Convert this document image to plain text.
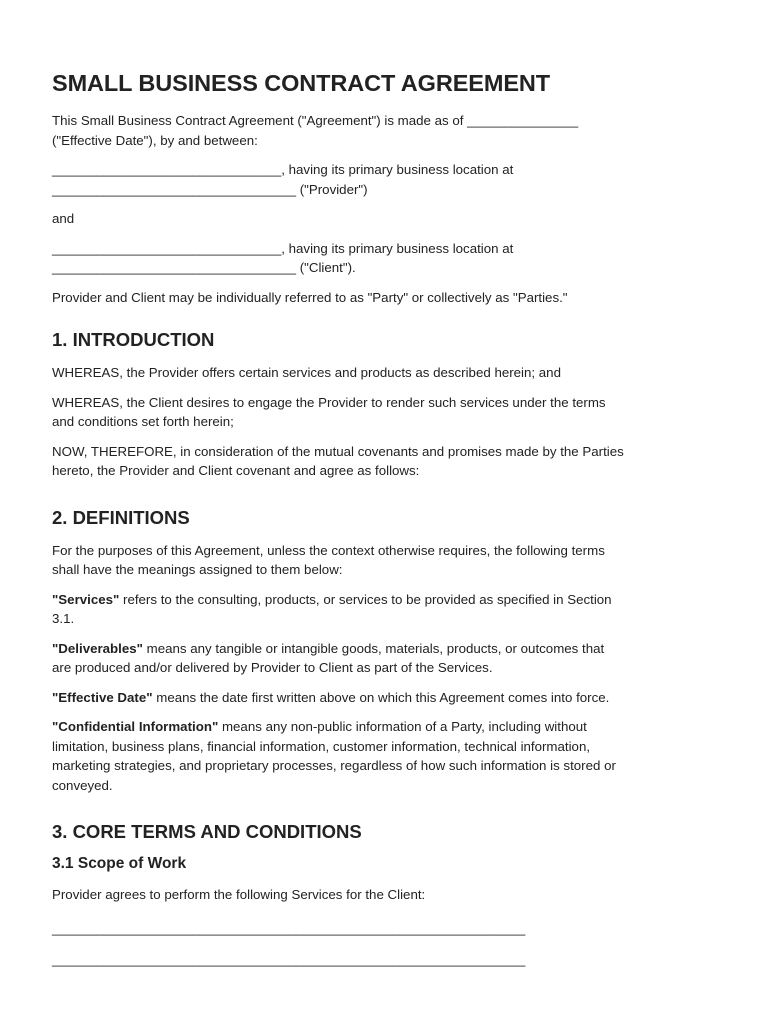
SMALL BUSINESS CONTRACT AGREEMENT

This Small Business Contract Agreement ("Agreement") is made as of _______________
("Effective Date"), by and between:

_______________________________, having its primary business location at
_________________________________ ("Provider")

and

_______________________________, having its primary business location at
_________________________________ ("Client").

Provider and Client may be individually referred to as "Party" or collectively as "Parties."

1. INTRODUCTION

WHEREAS, the Provider offers certain services and products as described herein; and

WHEREAS, the Client desires to engage the Provider to render such services under the terms
and conditions set forth herein;

NOW, THEREFORE, in consideration of the mutual covenants and promises made by the Parties
hereto, the Provider and Client covenant and agree as follows:

2. DEFINITIONS

For the purposes of this Agreement, unless the context otherwise requires, the following terms
shall have the meanings assigned to them below:

"Services" refers to the consulting, products, or services to be provided as specified in Section
3.1.

"Deliverables" means any tangible or intangible goods, materials, products, or outcomes that
are produced and/or delivered by Provider to Client as part of the Services.

"Effective Date" means the date first written above on which this Agreement comes into force.

"Confidential Information" means any non-public information of a Party, including without
limitation, business plans, financial information, customer information, technical information,
marketing strategies, and proprietary processes, regardless of how such information is stored or
conveyed.

3. CORE TERMS AND CONDITIONS
3.1 Scope of Work

Provider agrees to perform the following Services for the Client:

________________________________________________________________
________________________________________________________________
